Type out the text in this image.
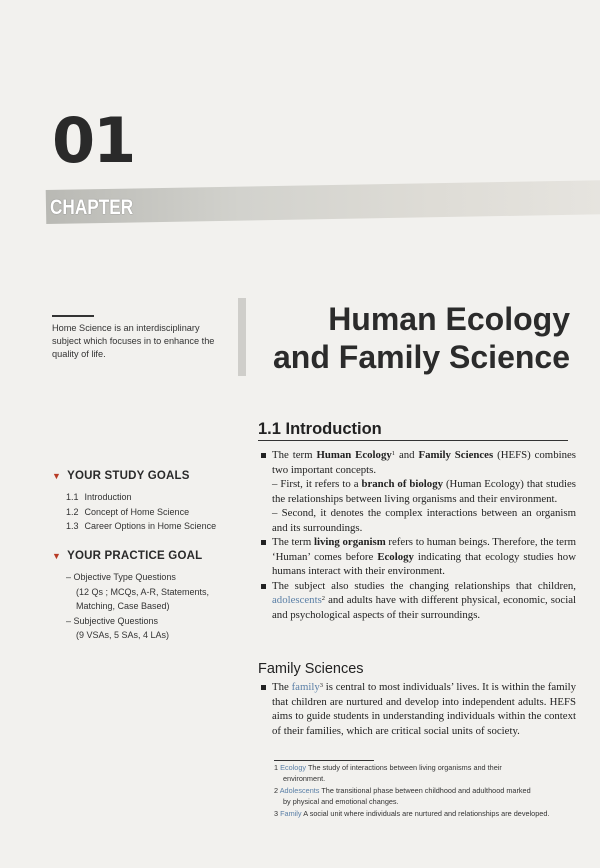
01
CHAPTER
Home Science is an interdisciplinary subject which focuses in to enhance the quality of life.
Human Ecology
and Family Science
▼ YOUR STUDY GOALS
1.1 Introduction
1.2 Concept of Home Science
1.3 Career Options in Home Science
▼ YOUR PRACTICE GOAL
– Objective Type Questions
(12 Qs ; MCQs, A-R, Statements,
Matching, Case Based)
– Subjective Questions
(9 VSAs, 5 SAs, 4 LAs)
1.1 Introduction
The term Human Ecology$^1$ and Family Sciences (HEFS) combines two important concepts.
– First, it refers to a branch of biology (Human Ecology) that studies the relationships between living organisms and their environment.
– Second, it denotes the complex interactions between an organism and its surroundings.
The term living organism refers to human beings. Therefore, the term ‘Human’ comes before Ecology indicating that ecology studies how humans interact with their environment.
The subject also studies the changing relationships that children, adolescents$^2$ and adults have with different physical, economic, social and psychological aspects of their surroundings.
Family Sciences
The family$^3$ is central to most individuals’ lives. It is within the family that children are nurtured and develop into independent adults. HEFS aims to guide students in understanding individuals within the context of their families, which are critical social units of society.
1 Ecology The study of interactions between living organisms and their
environment.
2 Adolescents The transitional phase between childhood and adulthood marked
by physical and emotional changes.
3 Family A social unit where individuals are nurtured and relationships are developed.
